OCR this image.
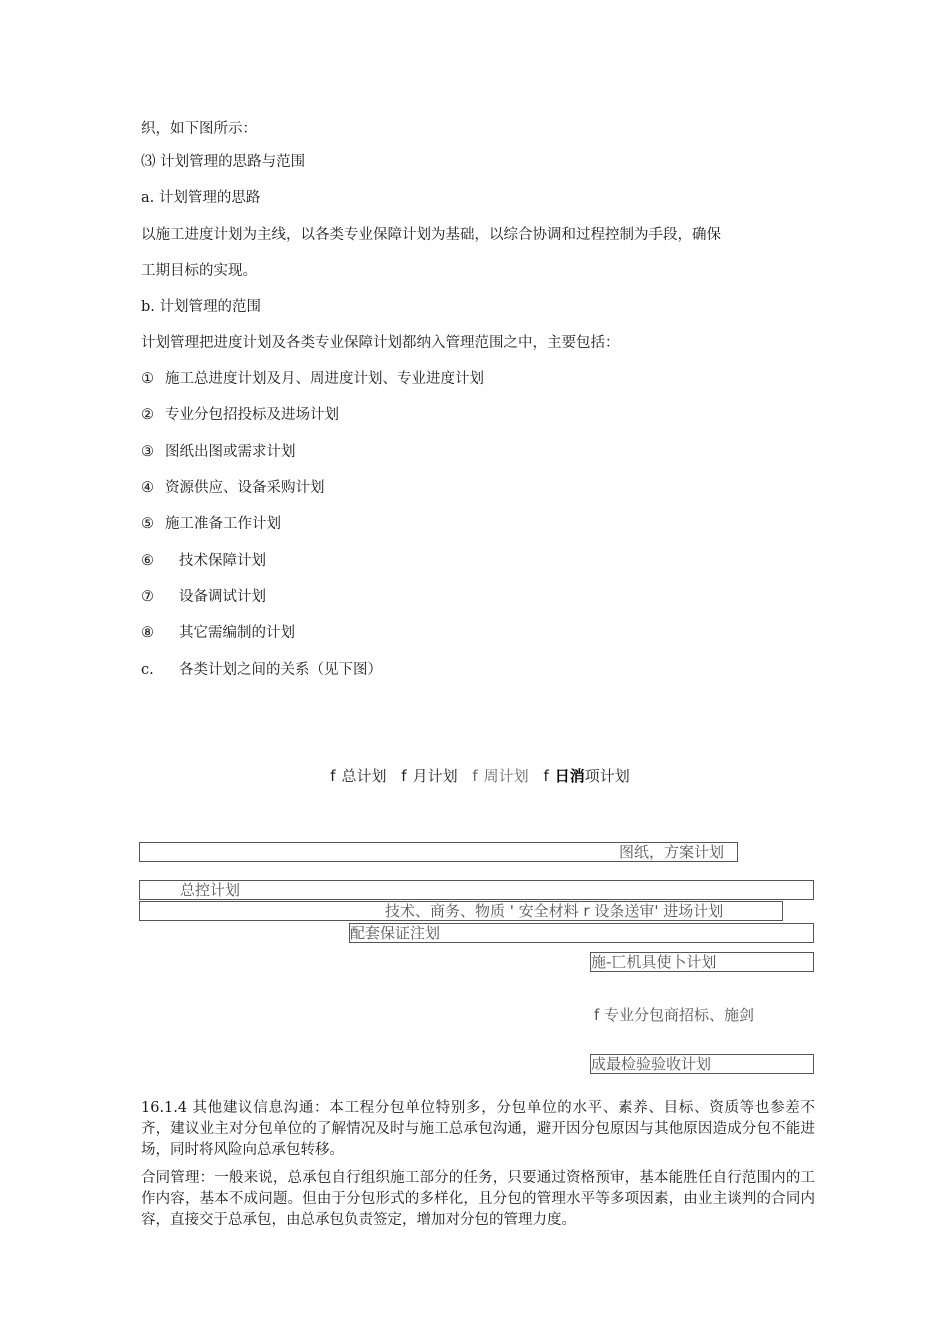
织，如下图所示：
⑶ 计划管理的思路与范围
a. 计划管理的思路
以施工进度计划为主线，以各类专业保障计划为基础，以综合协调和过程控制为手段，确保
工期目标的实现。
b. 计划管理的范围
计划管理把进度计划及各类专业保障计划都纳入管理范围之中，主要包括：
① 施工总进度计划及月、周进度计划、专业进度计划
② 专业分包招投标及进场计划
③ 图纸出图或需求计划
④ 资源供应、设备采购计划
⑤ 施工准备工作计划
⑥ 技术保障计划
⑦ 设备调试计划
⑧ 其它需编制的计划
c. 各类计划之间的关系（见下图）
f 总计划 f 月计划 f 周计划 f 日消项计划
图纸，方案计划
总控计划
技术、商务、物质 ' 安全材料 r 设条送审' 进场计划
配套保证注划
施-匸机具使卜计划
f 专业分包商招标、施剑
成最检验验收计划
16.1.4 其他建议信息沟通：本工程分包单位特别多，分包单位的水平、素养、目标、资质等也参差不齐，建议业主对分包单位的了解情况及时与施工总承包沟通，避开因分包原因与其他原因造成分包不能进场，同时将风险向总承包转移。
合同管理：一般来说，总承包自行组织施工部分的任务，只要通过资格预审，基本能胜任自行范围内的工作内容，基本不成问题。但由于分包形式的多样化，且分包的管理水平等多项因素，由业主谈判的合同内容，直接交于总承包，由总承包负责签定，增加对分包的管理力度。
